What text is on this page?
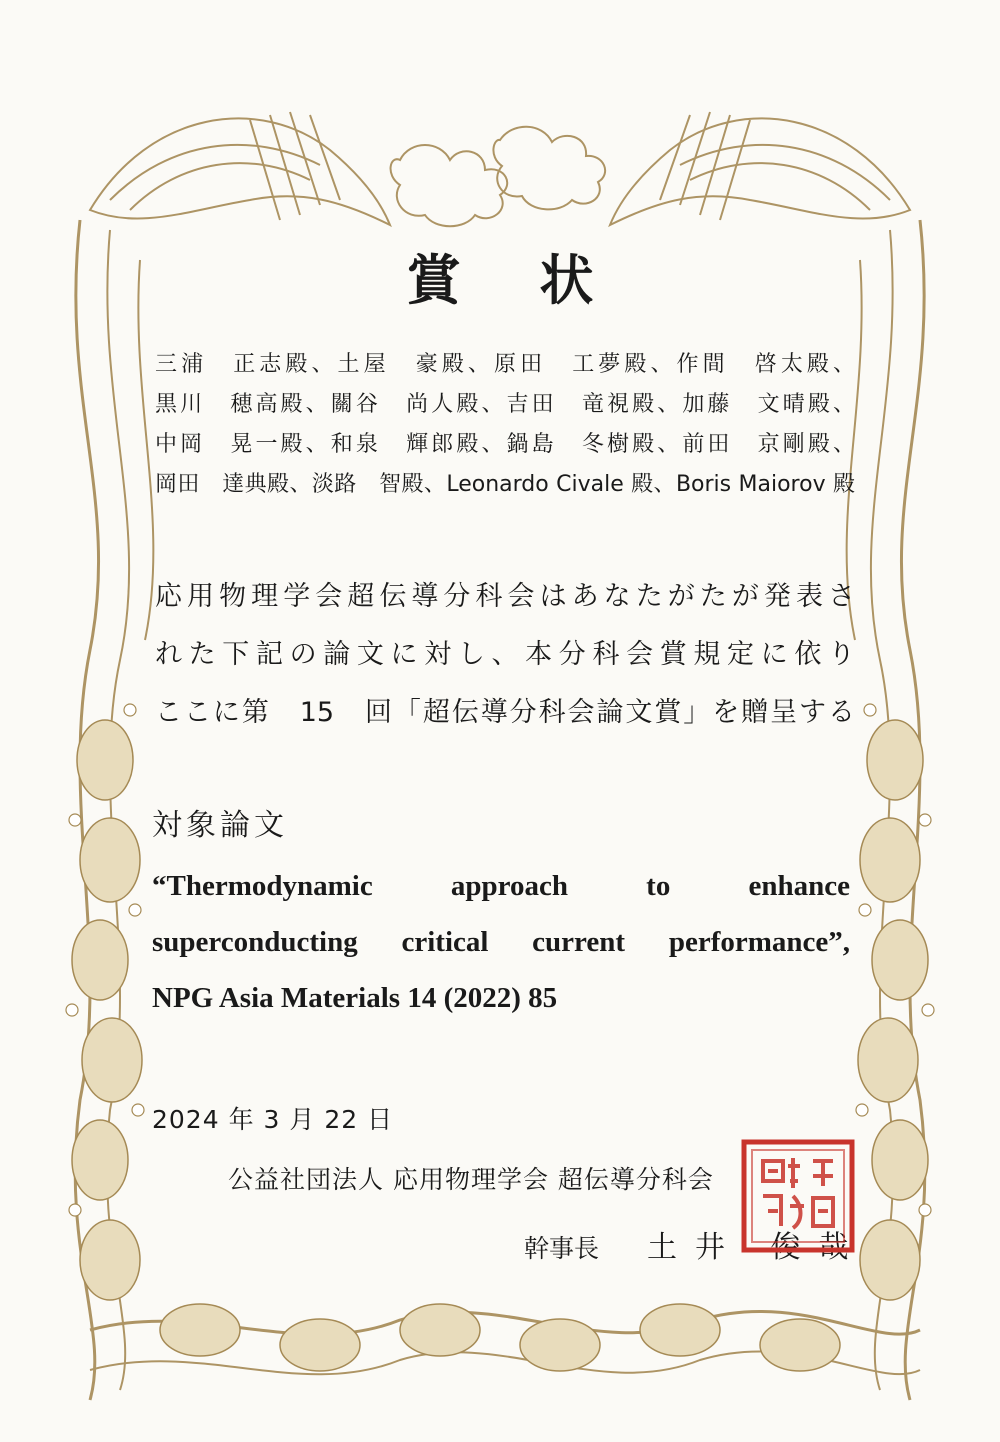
賞 状
三浦　正志殿、土屋　豪殿、原田　工夢殿、作間　啓太殿、
黒川　穂高殿、關谷　尚人殿、吉田　竜視殿、加藤　文晴殿、
中岡　晃一殿、和泉　輝郎殿、鍋島　冬樹殿、前田　京剛殿、
岡田　達典殿、淡路　智殿、Leonardo Civale 殿、Boris Maiorov 殿
応用物理学会超伝導分科会はあなたがたが発表さ
れた下記の論文に対し、本分科会賞規定に依り
ここに第　15　回「超伝導分科会論文賞」を贈呈する
対象論文
“Thermodynamic approach to enhance
superconducting critical current performance”,
NPG Asia Materials 14 (2022) 85
2024 年 3 月 22 日
公益社団法人 応用物理学会 超伝導分科会
幹事長 土井 俊哉
